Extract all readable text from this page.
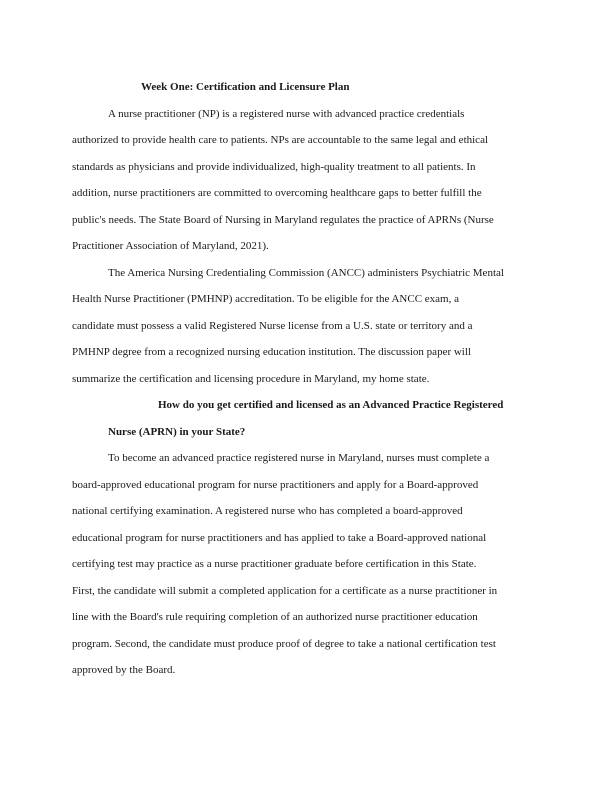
Week One: Certification and Licensure Plan
A nurse practitioner (NP) is a registered nurse with advanced practice credentials
authorized to provide health care to patients. NPs are accountable to the same legal and ethical
standards as physicians and provide individualized, high-quality treatment to all patients. In
addition, nurse practitioners are committed to overcoming healthcare gaps to better fulfill the
public's needs. The State Board of Nursing in Maryland regulates the practice of APRNs (Nurse
Practitioner Association of Maryland, 2021).
The America Nursing Credentialing Commission (ANCC) administers Psychiatric Mental
Health Nurse Practitioner (PMHNP) accreditation. To be eligible for the ANCC exam, a
candidate must possess a valid Registered Nurse license from a U.S. state or territory and a
PMHNP degree from a recognized nursing education institution. The discussion paper will
summarize the certification and licensing procedure in Maryland, my home state.
How do you get certified and licensed as an Advanced Practice Registered
Nurse (APRN) in your State?
To become an advanced practice registered nurse in Maryland, nurses must complete a
board-approved educational program for nurse practitioners and apply for a Board-approved
national certifying examination. A registered nurse who has completed a board-approved
educational program for nurse practitioners and has applied to take a Board-approved national
certifying test may practice as a nurse practitioner graduate before certification in this State.
First, the candidate will submit a completed application for a certificate as a nurse practitioner in
line with the Board's rule requiring completion of an authorized nurse practitioner education
program. Second, the candidate must produce proof of degree to take a national certification test
approved by the Board.
